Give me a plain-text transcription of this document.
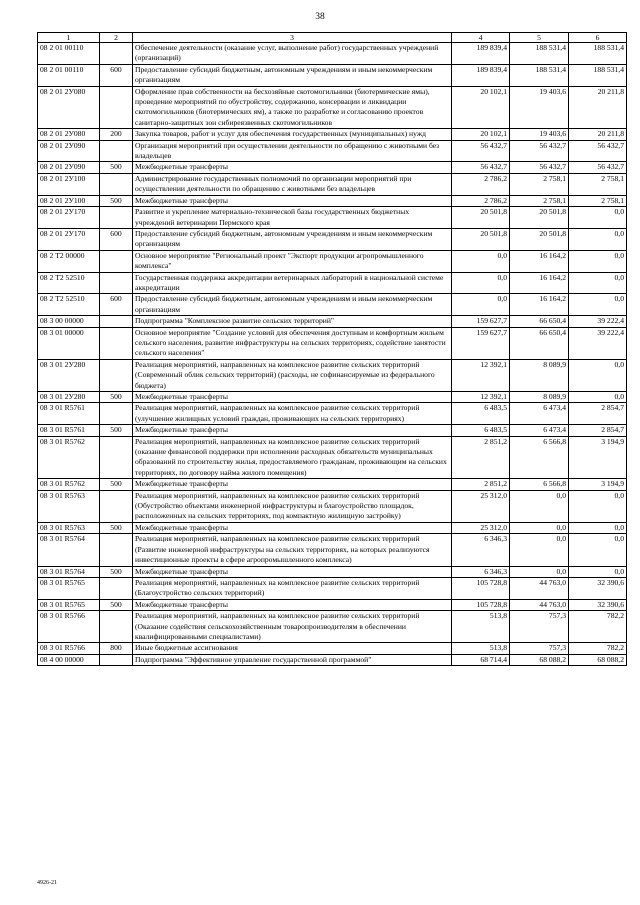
38
1	2	3	4	5	6
08 2 01 00110		Обеспечение деятельности (оказание услуг, выполнение работ) государственных учреждений (организаций)	189 839,4	188 531,4	188 531,4
08 2 01 00110	600	Предоставление субсидий бюджетным, автономным учреждениям и иным некоммерческим организациям	189 839,4	188 531,4	188 531,4
08 2 01 2У080		Оформление прав собственности на бесхозяйные скотомогильники (биотермические ямы), проведение мероприятий по обустройству, содержанию, консервации и ликвидации скотомогильников (биотермических ям), а также по разработке и согласованию проектов санитарно-защитных зон сибиреязвенных скотомогильников	20 102,1	19 403,6	20 211,8
08 2 01 2У080	200	Закупка товаров, работ и услуг для обеспечения государственных (муниципальных) нужд	20 102,1	19 403,6	20 211,8
08 2 01 2У090		Организация мероприятий при осуществлении деятельности по обращению с животными без владельцев	56 432,7	56 432,7	56 432,7
08 2 01 2У090	500	Межбюджетные трансферты	56 432,7	56 432,7	56 432,7
08 2 01 2У100		Администрирование государственных полномочий по организации мероприятий при осуществлении деятельности по обращению с животными без владельцев	2 786,2	2 758,1	2 758,1
08 2 01 2У100	500	Межбюджетные трансферты	2 786,2	2 758,1	2 758,1
08 2 01 2У170		Развитие и укрепление материально-технической базы государственных бюджетных учреждений ветеринарии Пермского края	20 501,8	20 501,8	0,0
08 2 01 2У170	600	Предоставление субсидий бюджетным, автономным учреждениям и иным некоммерческим организациям	20 501,8	20 501,8	0,0
08 2 Т2 00000		Основное мероприятие "Региональный проект "Экспорт продукции агропромышленного комплекса"	0,0	16 164,2	0,0
08 2 Т2 52510		Государственная поддержка аккредитации ветеринарных лабораторий в национальной системе аккредитации	0,0	16 164,2	0,0
08 2 Т2 52510	600	Предоставление субсидий бюджетным, автономным учреждениям и иным некоммерческим организациям	0,0	16 164,2	0,0
08 3 00 00000		Подпрограмма "Комплексное развитие сельских территорий"	159 627,7	66 650,4	39 222,4
08 3 01 00000		Основное мероприятие "Создание условий для обеспечения доступным и комфортным жильем сельского населения, развитие инфраструктуры на сельских территориях, содействие занятости сельского населения"	159 627,7	66 650,4	39 222,4
08 3 01 2У280		Реализация мероприятий, направленных на комплексное развитие сельских территорий (Современный облик сельских территорий) (расходы, не софинансируемые из федерального бюджета)	12 392,1	8 089,9	0,0
08 3 01 2У280	500	Межбюджетные трансферты	12 392,1	8 089,9	0,0
08 3 01 R5761		Реализация мероприятий, направленных на комплексное развитие сельских территорий (улучшение жилищных условий граждан, проживающих на сельских территориях)	6 483,5	6 473,4	2 854,7
08 3 01 R5761	500	Межбюджетные трансферты	6 483,5	6 473,4	2 854,7
08 3 01 R5762		Реализация мероприятий, направленных на комплексное развитие сельских территорий (оказание финансовой поддержки при исполнении расходных обязательств муниципальных образований по строительству жилья, предоставляемого гражданам, проживающим на сельских территориях, по договору найма жилого помещения)	2 851,2	6 566,8	3 194,9
08 3 01 R5762	500	Межбюджетные трансферты	2 851,2	6 566,8	3 194,9
08 3 01 R5763		Реализация мероприятий, направленных на комплексное развитие сельских территорий (Обустройство объектами инженерной инфраструктуры и благоустройство площадок, расположенных на сельских территориях, под компактную жилищную застройку)	25 312,0	0,0	0,0
08 3 01 R5763	500	Межбюджетные трансферты	25 312,0	0,0	0,0
08 3 01 R5764		Реализация мероприятий, направленных на комплексное развитие сельских территорий (Развитие инженерной инфраструктуры на сельских территориях, на которых реализуются инвестиционные проекты в сфере агропромышленного комплекса)	6 346,3	0,0	0,0
08 3 01 R5764	500	Межбюджетные трансферты	6 346,3	0,0	0,0
08 3 01 R5765		Реализация мероприятий, направленных на комплексное развитие сельских территорий (Благоустройство сельских территорий)	105 728,8	44 763,0	32 390,6
08 3 01 R5765	500	Межбюджетные трансферты	105 728,8	44 763,0	32 390,6
08 3 01 R5766		Реализация мероприятий, направленных на комплексное развитие сельских территорий (Оказание содействия сельскохозяйственным товаропроизводителям в обеспечении квалифицированными специалистами)	513,8	757,3	782,2
08 3 01 R5766	800	Иные бюджетные ассигнования	513,8	757,3	782,2
08 4 00 00000		Подпрограмма "Эффективное управление государственной программой"	68 714,4	68 088,2	68 088,2
4926-21
